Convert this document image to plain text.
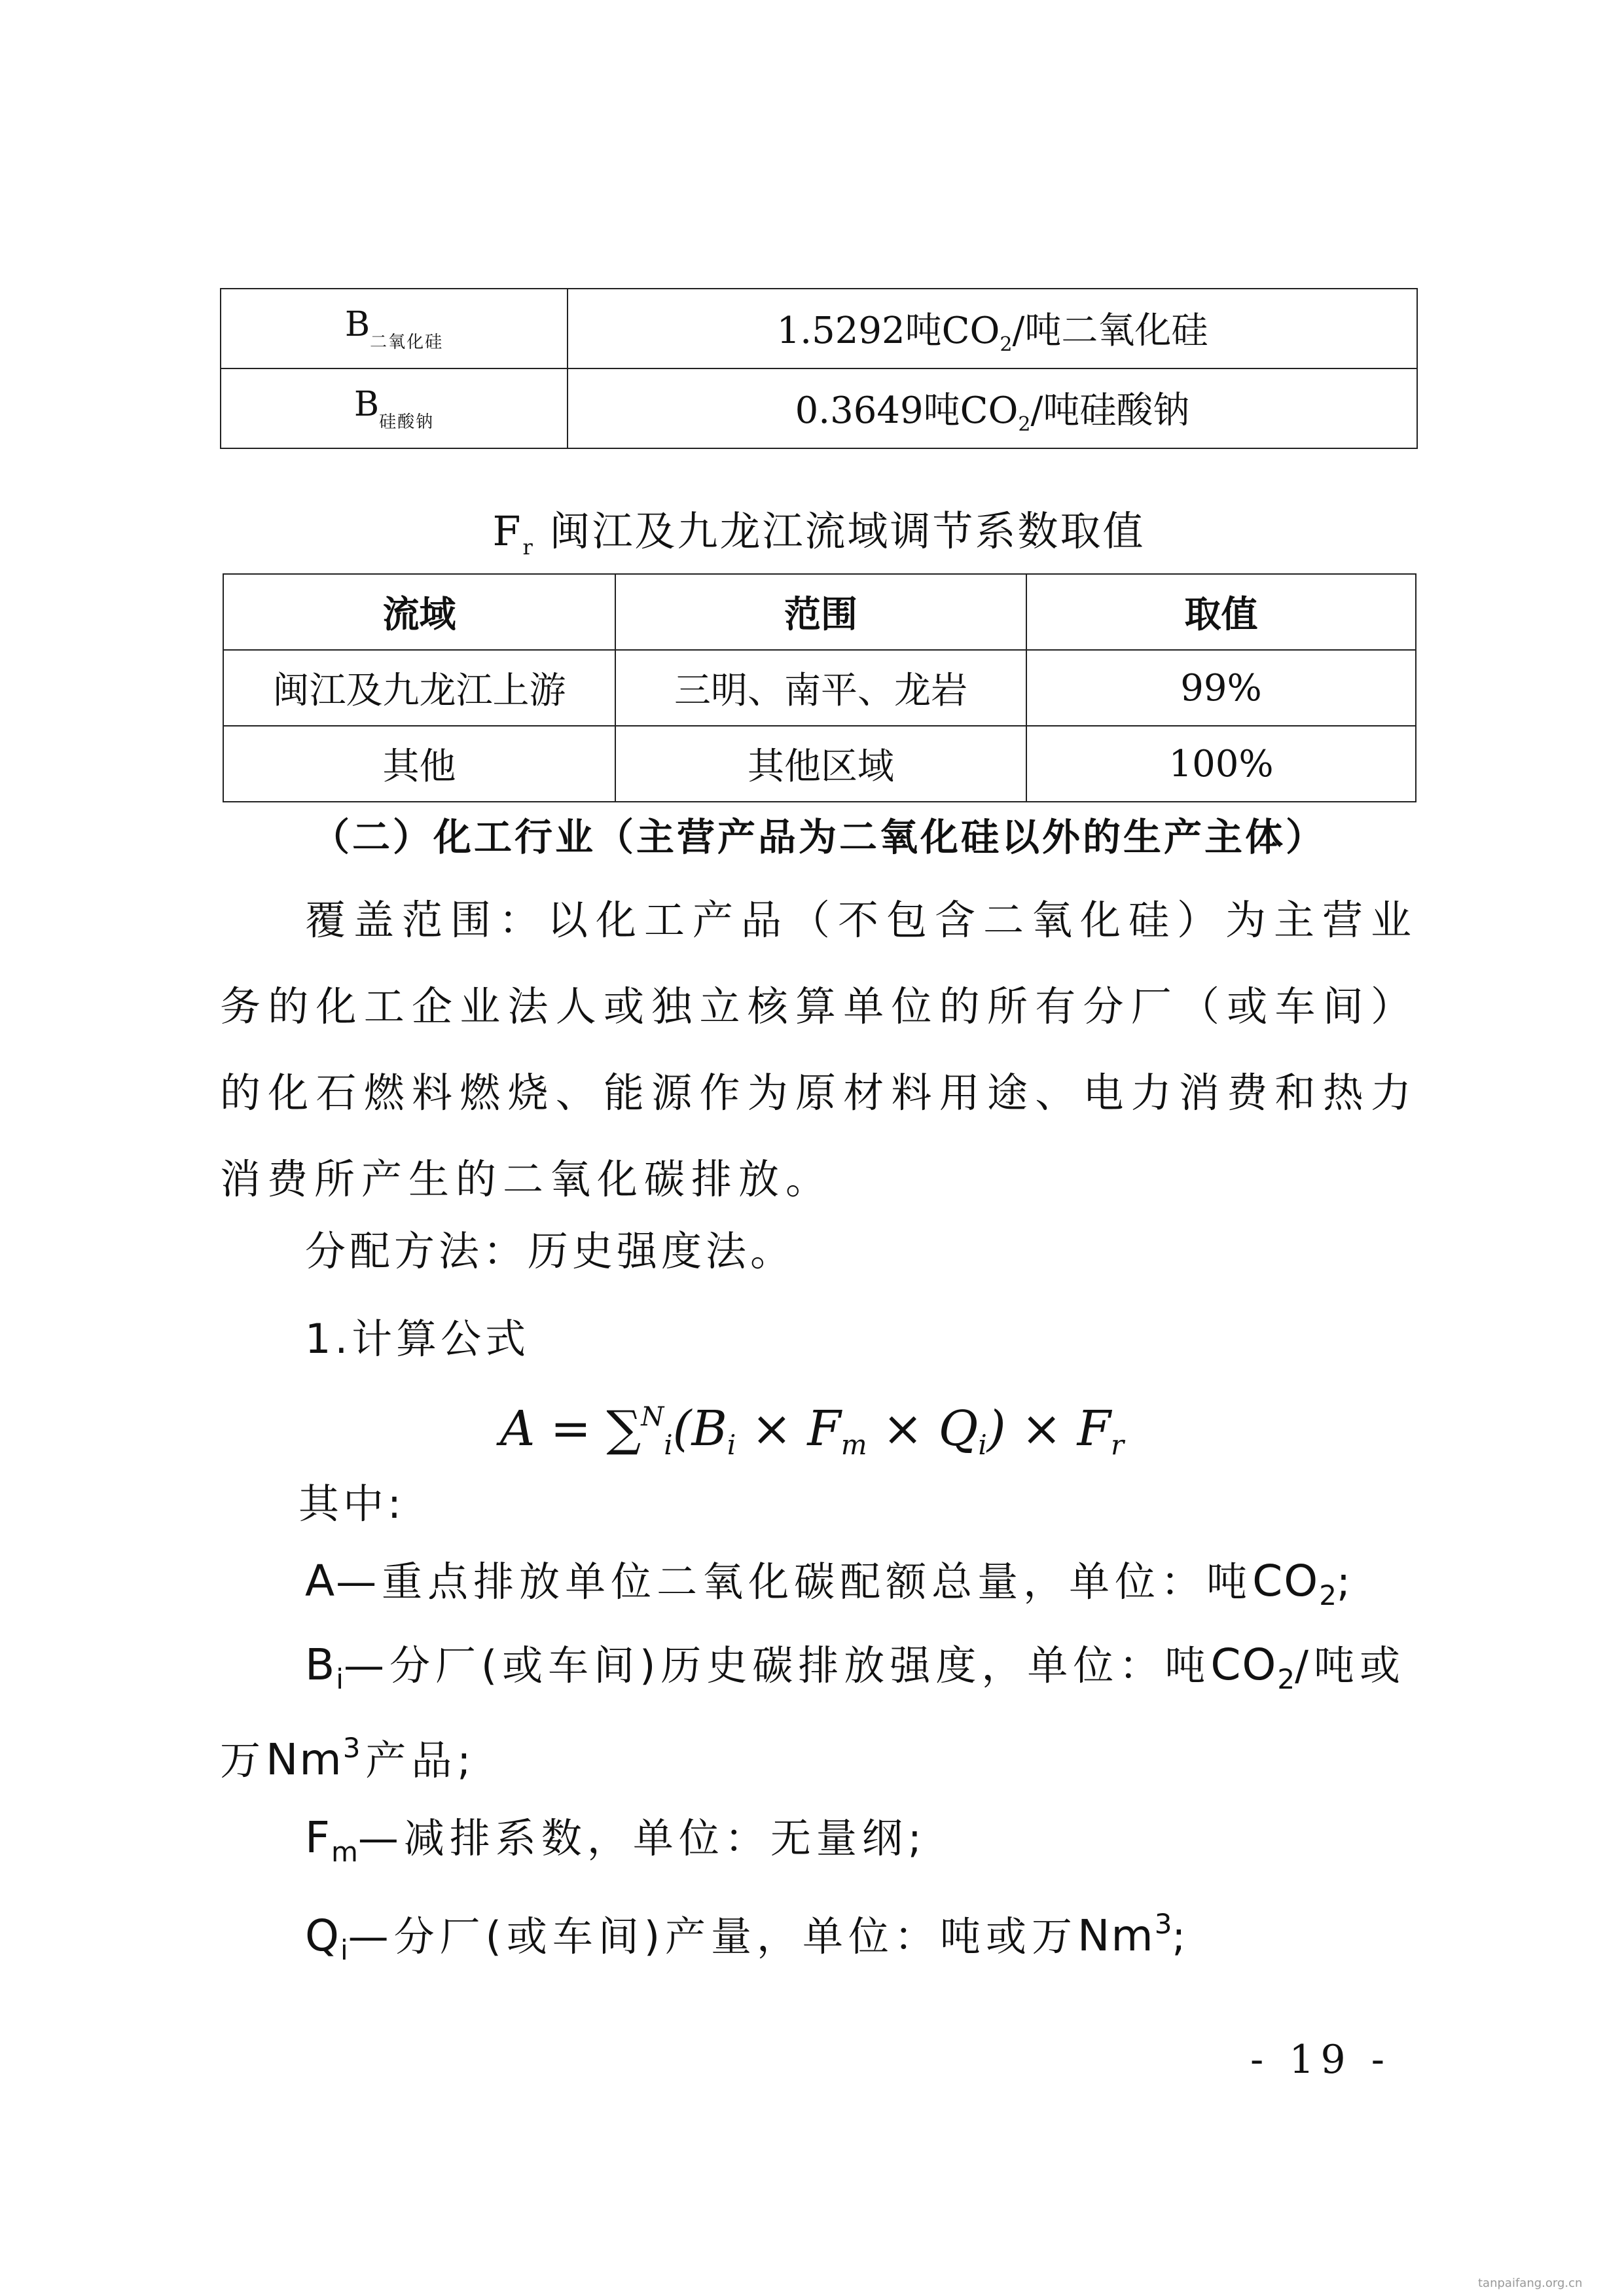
$B_{二氧化硅}$	1.5292吨$CO_2/$吨二氧化硅
$B_{硅酸钠}$	0.3649吨$CO_2/$吨硅酸钠
$F_r$ 闽江及九龙江流域调节系数取值
流域	范围	取值
闽江及九龙江上游	三明、南平、龙岩	99%
其他	其他区域	100%
（二）化工行业（主营产品为二氧化硅以外的生产主体）
覆盖范围：以化工产品（不包含二氧化硅）为主营业务的化工企业法人或独立核算单位的所有分厂（或车间）的化石燃料燃烧、能源作为原材料用途、电力消费和热力消费所产生的二氧化碳排放。
分配方法：历史强度法。
1.计算公式
A = ∑$^N$i(Bi × Fm × Qi) × Fr
其中:
A—重点排放单位二氧化碳配额总量，单位：吨$CO_2$;
$B_i—$分厂(或车间)历史碳排放强度，单位：吨$CO_2/$吨或
万Nm$^3$产品;
$F_m—$减排系数，单位：无量纲;
$Q_i—$分厂(或车间)产量，单位：吨或万Nm$^3$;
- 19 -
tanpaifang.org.cn
